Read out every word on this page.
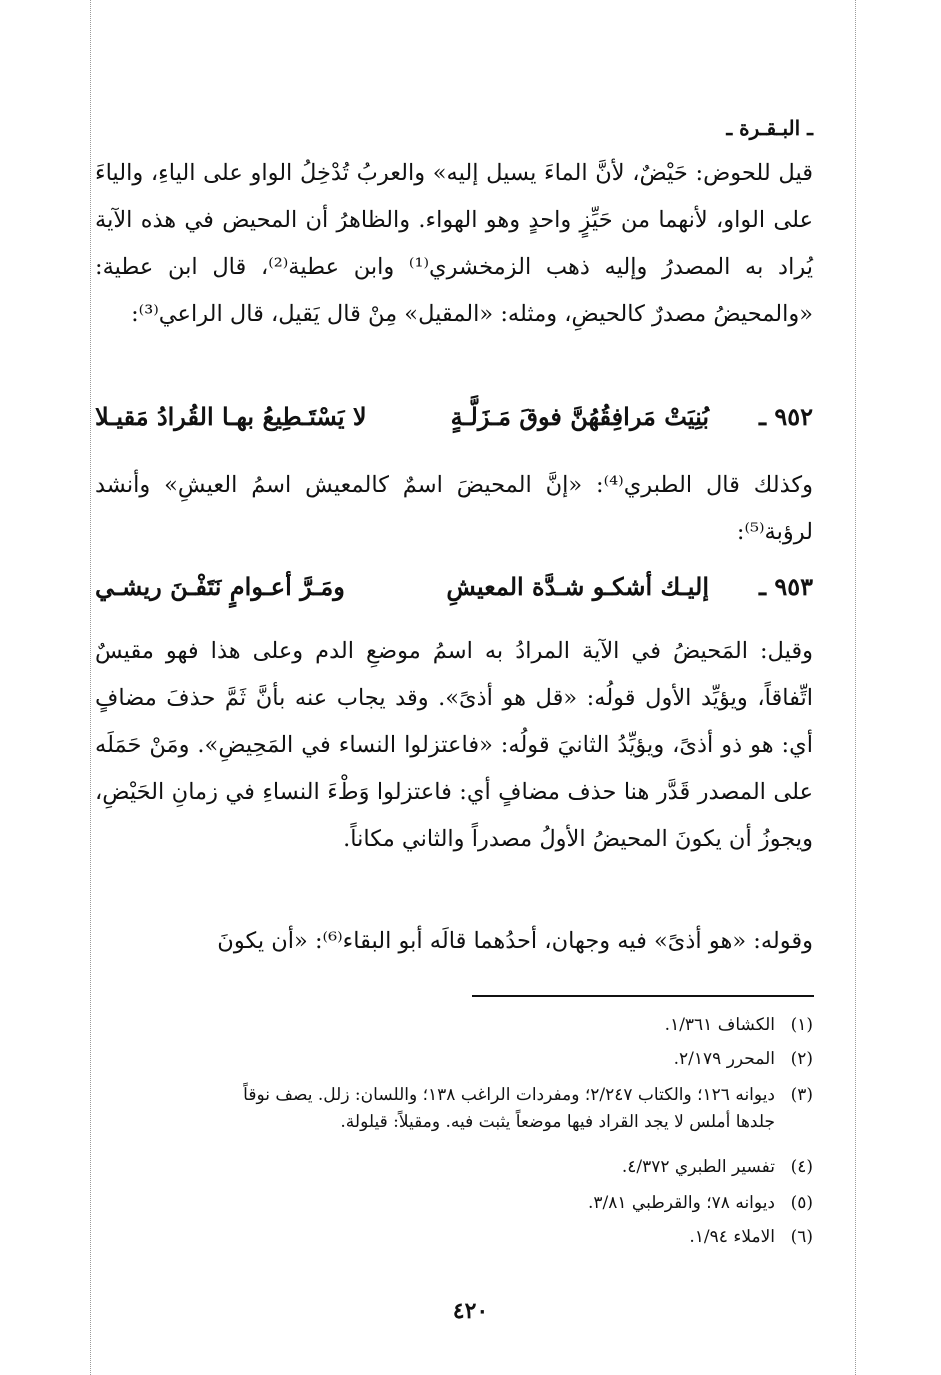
ـ البـقـرة ـ
قيل للحوض: حَيْضٌ، لأنَّ الماءَ يسيل إليه» والعربُ تُدْخِلُ الواو على الياءِ، والياءَ على الواو، لأنهما من حَيِّزٍ واحدٍ وهو الهواء. والظاهرُ أن المحيض في هذه الآية يُراد به المصدرُ وإليه ذهب الزمخشري⁽¹⁾ وابن عطية⁽²⁾، قال ابن عطية: «والمحيضُ مصدرٌ كالحيضِ، ومثله: «المقيل» مِنْ قال يَقيل، قال الراعي⁽³⁾:
٩٥٢ ـ
بُنِيَتْ مَرافِقُهُنَّ فوقَ مَـزَلَّـةٍ
لا يَسْتَـطِيعُ بهـا القُرادُ مَقيـلا
وكذلك قال الطبري⁽⁴⁾: «إنَّ المحيضَ اسمٌ كالمعيش اسمُ العيشِ» وأنشد لرؤبة⁽⁵⁾:
٩٥٣ ـ
إليـك أشكـو شـدَّة المعيشِ
ومَـرَّ أعـوامٍ نَتَفْـنَ ريشـي
وقيل: المَحيضُ في الآية المرادُ به اسمُ موضعِ الدم وعلى هذا فهو مقيسٌ اتِّفاقاً، ويؤيِّد الأول قولُه: «قل هو أذىً». وقد يجاب عنه بأنَّ ثَمَّ حذفَ مضافٍ أي: هو ذو أذىً، ويؤيِّدُ الثانيَ قولُه: «فاعتزلوا النساء في المَحِيضِ». ومَنْ حَمَلَه على المصدر قَدَّر هنا حذف مضافٍ أي: فاعتزلوا وَطْءَ النساءِ في زمانِ الحَيْضِ، ويجوزُ أن يكونَ المحيضُ الأولُ مصدراً والثاني مكاناً.
وقوله: «هو أذىً» فيه وجهان، أحدُهما قالَه أبو البقاء⁽⁶⁾: «أن يكونَ
(١)الكشاف ١/٣٦١.
(٢)المحرر ٢/١٧٩.
(٣)ديوانه ١٢٦؛ والكتاب ٢/٢٤٧؛ ومفردات الراغب ١٣٨؛ واللسان: زلل. يصف نوقاً
جلدها أملس لا يجد القراد فيها موضعاً يثبت فيه. ومقيلاً: قيلولة.
(٤)تفسير الطبري ٤/٣٧٢.
(٥)ديوانه ٧٨؛ والقرطبي ٣/٨١.
(٦)الاملاء ١/٩٤.
٤٢٠
